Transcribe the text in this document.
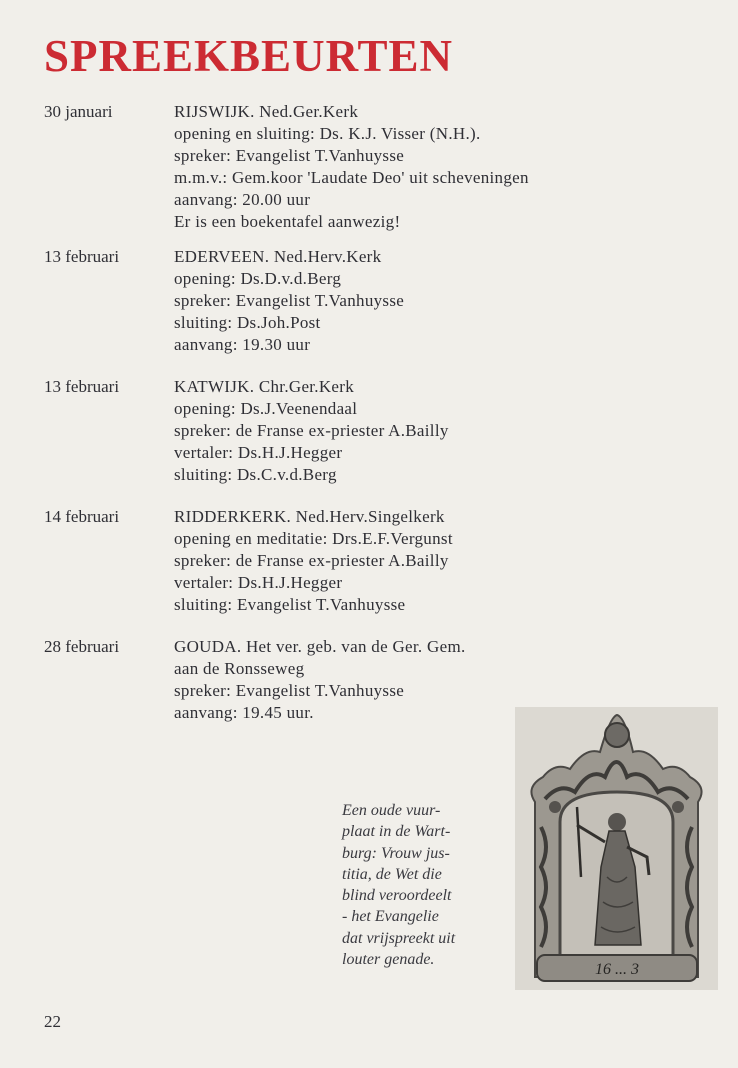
SPREEKBEURTEN
30 januari	RIJSWIJK. Ned.Ger.Kerk
opening en sluiting: Ds. K.J. Visser (N.H.).
spreker: Evangelist T.Vanhuysse
m.m.v.: Gem.koor 'Laudate Deo' uit scheveningen
aanvang: 20.00 uur
Er is een boekentafel aanwezig!
13 februari	EDERVEEN. Ned.Herv.Kerk
opening: Ds.D.v.d.Berg
spreker: Evangelist T.Vanhuysse
sluiting: Ds.Joh.Post
aanvang: 19.30 uur
13 februari	KATWIJK. Chr.Ger.Kerk
opening: Ds.J.Veenendaal
spreker: de Franse ex-priester A.Bailly
vertaler: Ds.H.J.Hegger
sluiting: Ds.C.v.d.Berg
14 februari	RIDDERKERK. Ned.Herv.Singelkerk
opening en meditatie: Drs.E.F.Vergunst
spreker: de Franse ex-priester A.Bailly
vertaler: Ds.H.J.Hegger
sluiting: Evangelist T.Vanhuysse
28 februari	GOUDA. Het ver. geb. van de Ger. Gem.
aan de Ronsseweg
spreker: Evangelist T.Vanhuysse
aanvang: 19.45 uur.
Een oude vuur-
plaat in de Wart-
burg: Vrouw jus-
titia, de Wet die
blind veroordeelt
- het Evangelie
dat vrijspreekt uit
louter genade.
16 ... 3
22
